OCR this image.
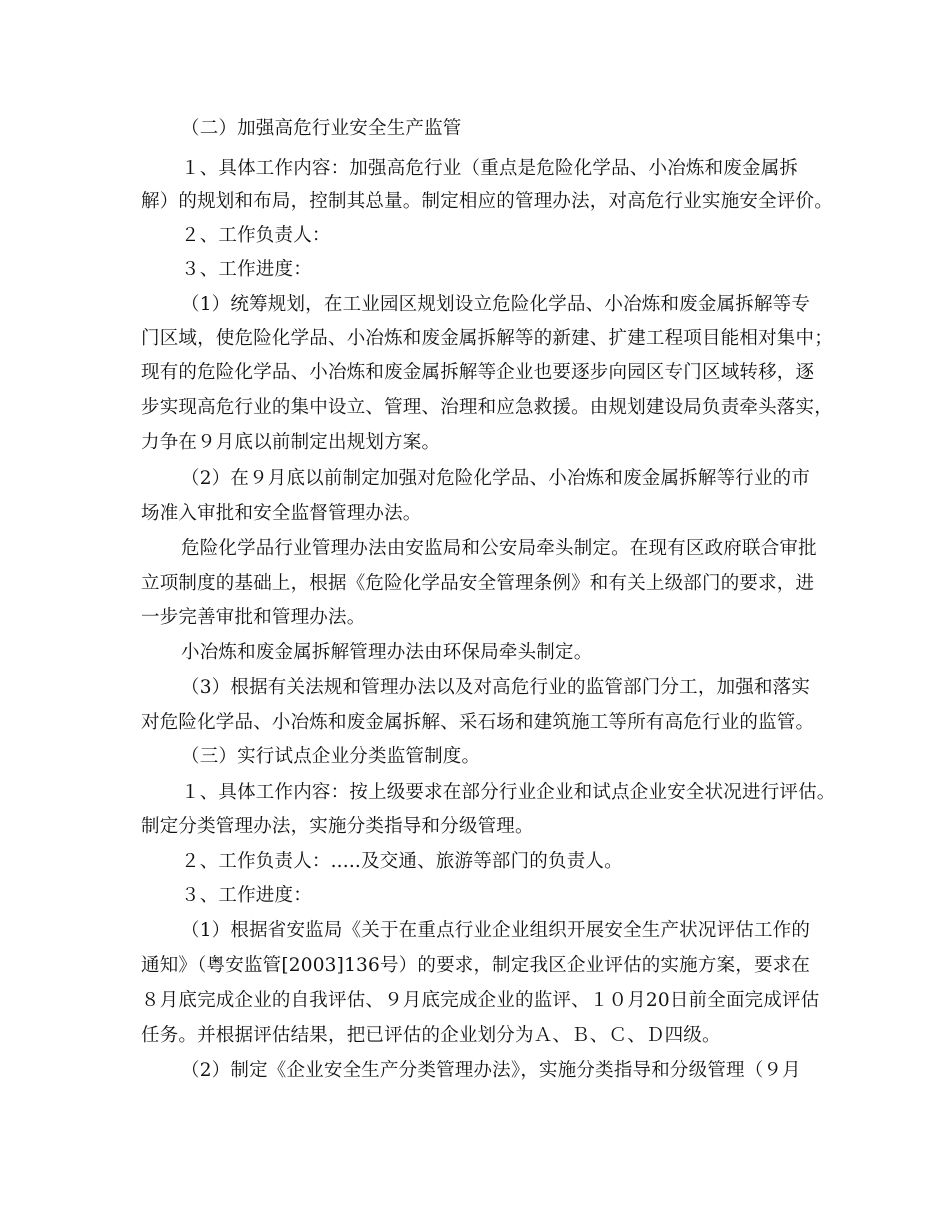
（二）加强高危行业安全生产监管
１、具体工作内容：加强高危行业（重点是危险化学品、小冶炼和废金属拆
解）的规划和布局，控制其总量。制定相应的管理办法，对高危行业实施安全评价。
２、工作负责人：
３、工作进度：
（1）统筹规划，在工业园区规划设立危险化学品、小冶炼和废金属拆解等专
门区域，使危险化学品、小冶炼和废金属拆解等的新建、扩建工程项目能相对集中；
现有的危险化学品、小冶炼和废金属拆解等企业也要逐步向园区专门区域转移，逐
步实现高危行业的集中设立、管理、治理和应急救援。由规划建设局负责牵头落实，
力争在９月底以前制定出规划方案。
（2）在９月底以前制定加强对危险化学品、小冶炼和废金属拆解等行业的市
场准入审批和安全监督管理办法。
危险化学品行业管理办法由安监局和公安局牵头制定。在现有区政府联合审批
立项制度的基础上，根据《危险化学品安全管理条例》和有关上级部门的要求，进
一步完善审批和管理办法。
小冶炼和废金属拆解管理办法由环保局牵头制定。
（3）根据有关法规和管理办法以及对高危行业的监管部门分工，加强和落实
对危险化学品、小冶炼和废金属拆解、采石场和建筑施工等所有高危行业的监管。
（三）实行试点企业分类监管制度。
１、具体工作内容：按上级要求在部分行业企业和试点企业安全状况进行评估。
制定分类管理办法，实施分类指导和分级管理。
２、工作负责人：.....及交通、旅游等部门的负责人。
３、工作进度：
（1）根据省安监局《关于在重点行业企业组织开展安全生产状况评估工作的
通知》（粤安监管[2003]136号）的要求，制定我区企业评估的实施方案，要求在
８月底完成企业的自我评估、９月底完成企业的监评、１０月20日前全面完成评估
任务。并根据评估结果，把已评估的企业划分为Ａ、Ｂ、Ｃ、Ｄ四级。
（2）制定《企业安全生产分类管理办法》，实施分类指导和分级管理（９月
